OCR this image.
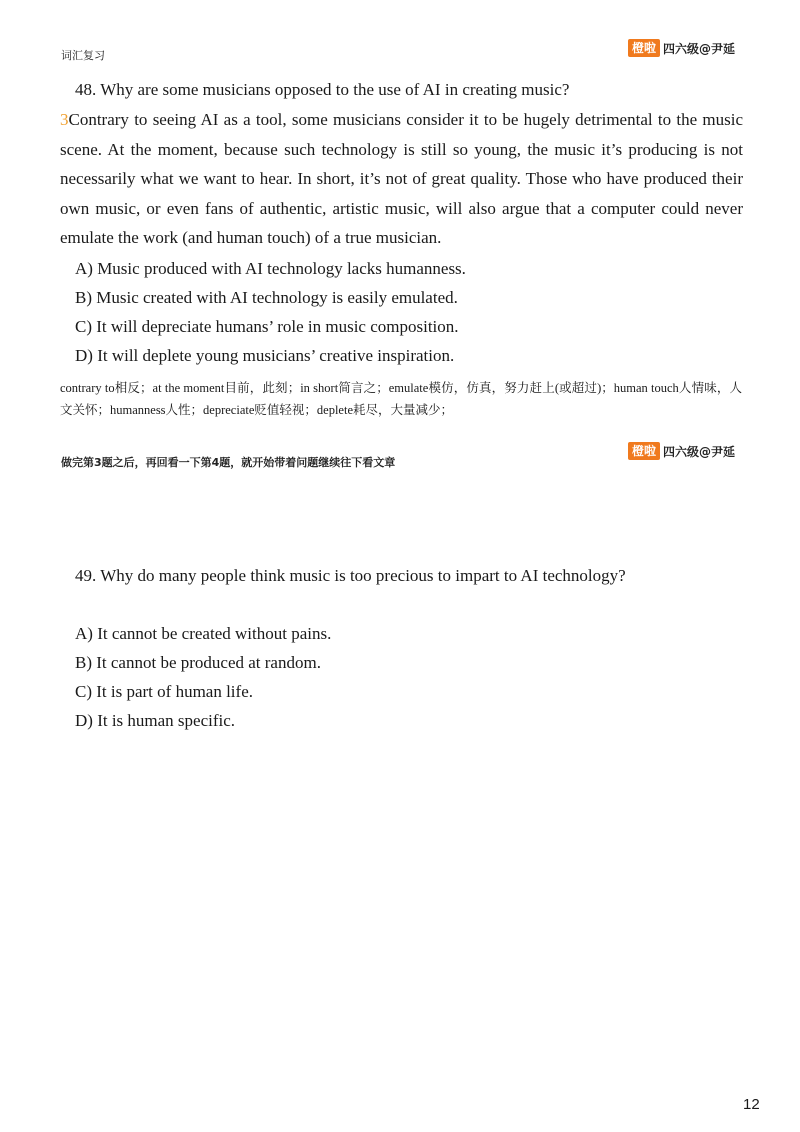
词汇复习
橙啦 四六级@尹延
48. Why are some musicians opposed to the use of AI in creating music?
3Contrary to seeing AI as a tool, some musicians consider it to be hugely detrimental to the music scene. At the moment, because such technology is still so young, the music it’s producing is not necessarily what we want to hear. In short, it’s not of great quality. Those who have produced their own music, or even fans of authentic, artistic music, will also argue that a computer could never emulate the work (and human touch) of a true musician.
A) Music produced with AI technology lacks humanness.
B) Music created with AI technology is easily emulated.
C) It will depreciate humans’ role in music composition.
D) It will deplete young musicians’ creative inspiration.
contrary to相反；at the moment目前，此刻；in short简言之；emulate模仿，仿真，努力赶上(或超过)；human touch人情味，人文关怀；humanness人性；depreciate贬值轻视；deplete耗尽，大量减少；
做完第3题之后，再回看一下第4题，就开始带着问题继续往下看文章
橙啦 四六级@尹延
49. Why do many people think music is too precious to impart to AI technology?
A) It cannot be created without pains.
B) It cannot be produced at random.
C) It is part of human life.
D) It is human specific.
12
